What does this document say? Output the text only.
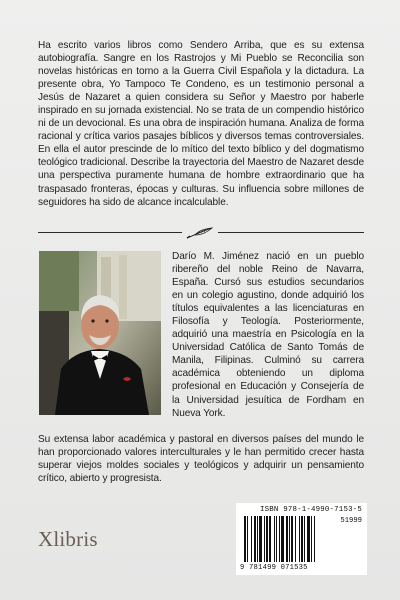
Ha escrito varios libros como Sendero Arriba, que es su extensa autobiografía. Sangre en los Rastrojos y Mi Pueblo se Reconcilia son novelas históricas en torno a la Guerra Civil Española y la dictadura. La presente obra, Yo Tampoco Te Condeno, es un testimonio personal a Jesús de Nazaret a quien considera su Señor y Maestro por haberle inspirado en su jornada existencial. No se trata de un compendio histórico ni de un devocional. Es una obra de inspiración humana. Analiza de forma racional y crítica varios pasajes bíblicos y diversos temas controversiales. En ella el autor prescinde de lo mítico del texto bíblico y del dogmatismo teológico tradicional. Describe la trayectoria del Maestro de Nazaret desde una perspectiva puramente humana de hombre extraordinario que ha traspasado fronteras, épocas y culturas. Su influencia sobre millones de seguidores ha sido de alcance incalculable.

Darío M. Jiménez nació en un pueblo ribereño del noble Reino de Navarra, España. Cursó sus estudios secundarios en un colegio agustino, donde adquirió los títulos equivalentes a las licenciaturas en Filosofía y Teología. Posteriormente, adquirió una maestría en Psicología en la Universidad Católica de Santo Tomás de Manila, Filipinas. Culminó su carrera académica obteniendo un diploma profesional en Educación y Consejería de la Universidad jesuítica de Fordham en Nueva York.

Su extensa labor académica y pastoral en diversos países del mundo le han proporcionado valores interculturales y le han permitido crecer hasta superar viejos moldes sociales y teológicos y adquirir un pensamiento crítico, abierto y progresista.

Xlibris
ISBN 978-1-4990-7153-5
51999
9 781499 071535
